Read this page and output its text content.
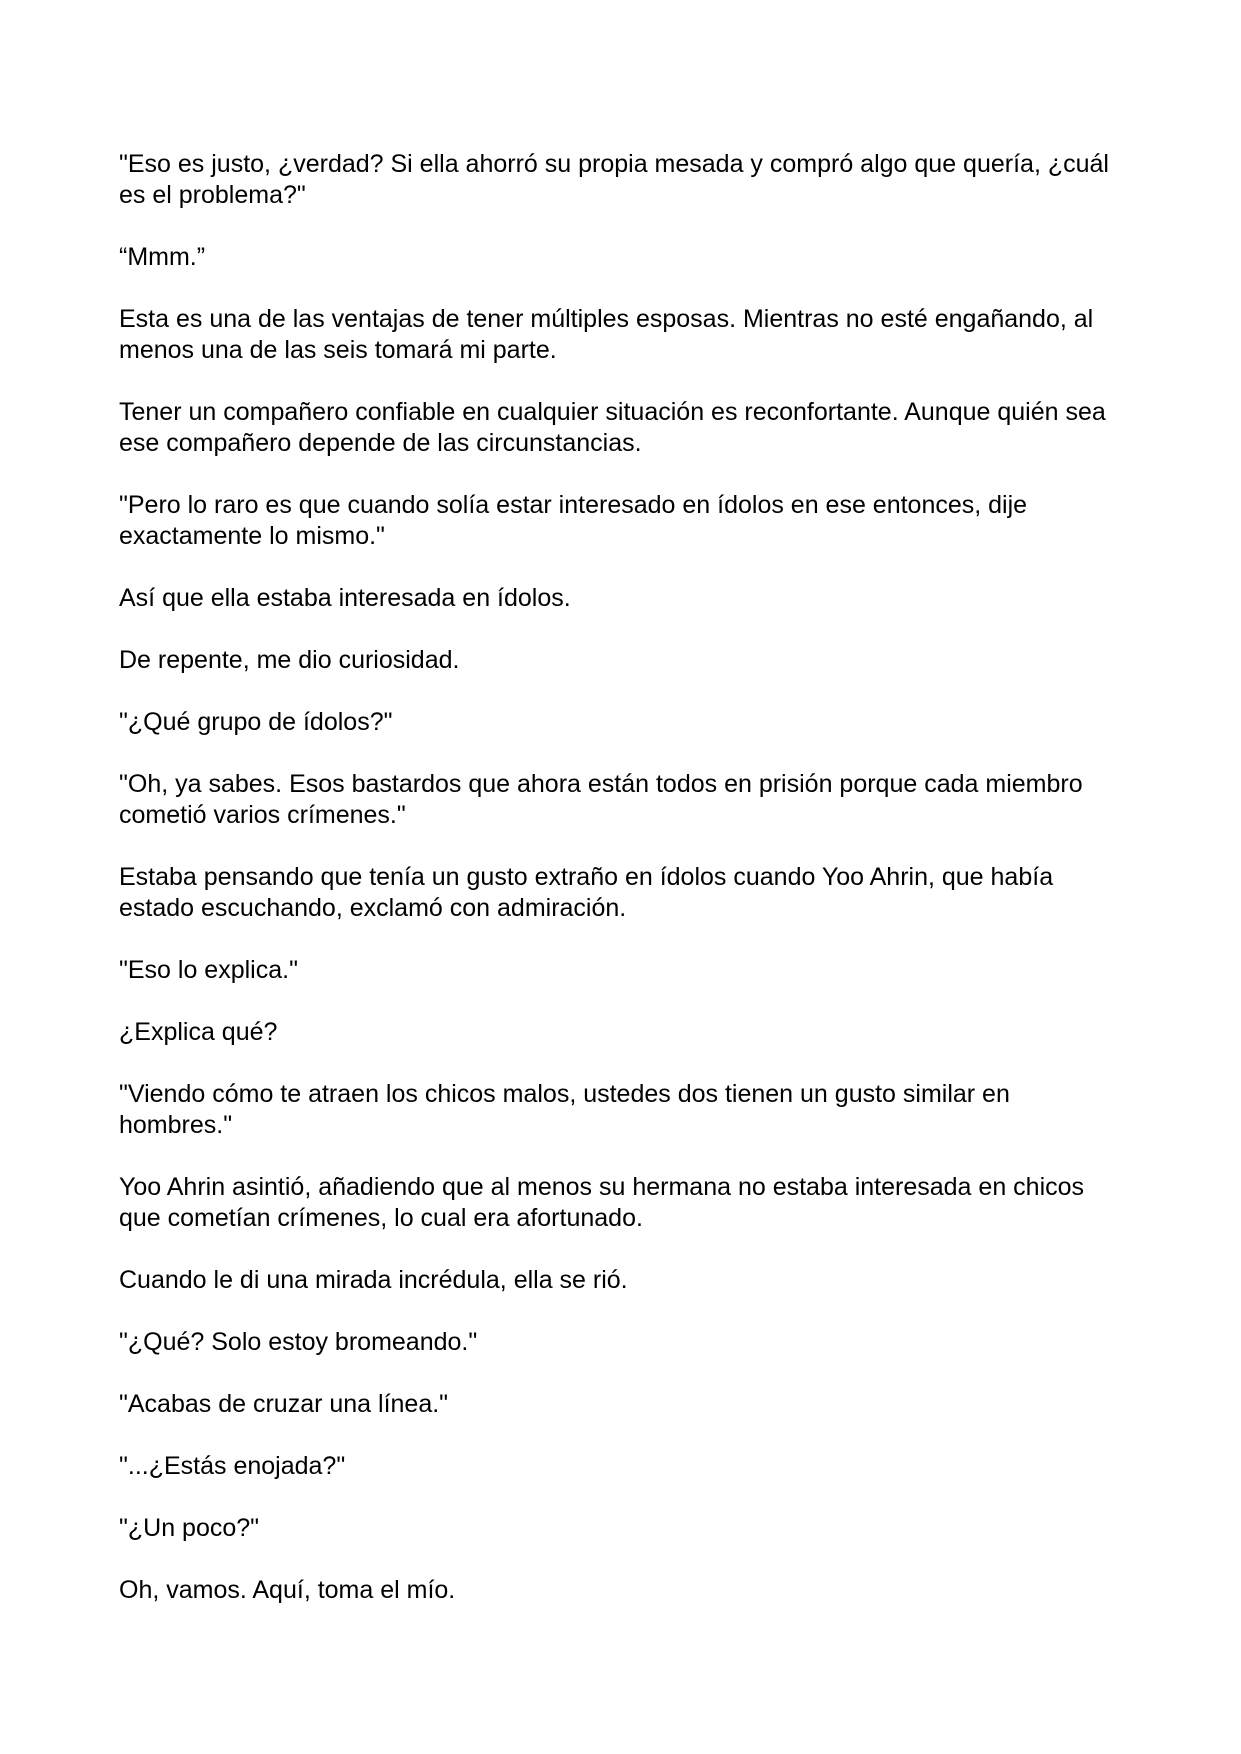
"Eso es justo, ¿verdad? Si ella ahorró su propia mesada y compró algo que quería, ¿cuál es el problema?"

“Mmm.”

Esta es una de las ventajas de tener múltiples esposas. Mientras no esté engañando, al menos una de las seis tomará mi parte.

Tener un compañero confiable en cualquier situación es reconfortante. Aunque quién sea ese compañero depende de las circunstancias.

"Pero lo raro es que cuando solía estar interesado en ídolos en ese entonces, dije exactamente lo mismo."

Así que ella estaba interesada en ídolos.

De repente, me dio curiosidad.

"¿Qué grupo de ídolos?"

"Oh, ya sabes. Esos bastardos que ahora están todos en prisión porque cada miembro cometió varios crímenes."

Estaba pensando que tenía un gusto extraño en ídolos cuando Yoo Ahrin, que había estado escuchando, exclamó con admiración.

"Eso lo explica."

¿Explica qué?

"Viendo cómo te atraen los chicos malos, ustedes dos tienen un gusto similar en hombres."

Yoo Ahrin asintió, añadiendo que al menos su hermana no estaba interesada en chicos que cometían crímenes, lo cual era afortunado.

Cuando le di una mirada incrédula, ella se rió.

"¿Qué? Solo estoy bromeando."

"Acabas de cruzar una línea."

"...¿Estás enojada?"

"¿Un poco?"

Oh, vamos. Aquí, toma el mío.
